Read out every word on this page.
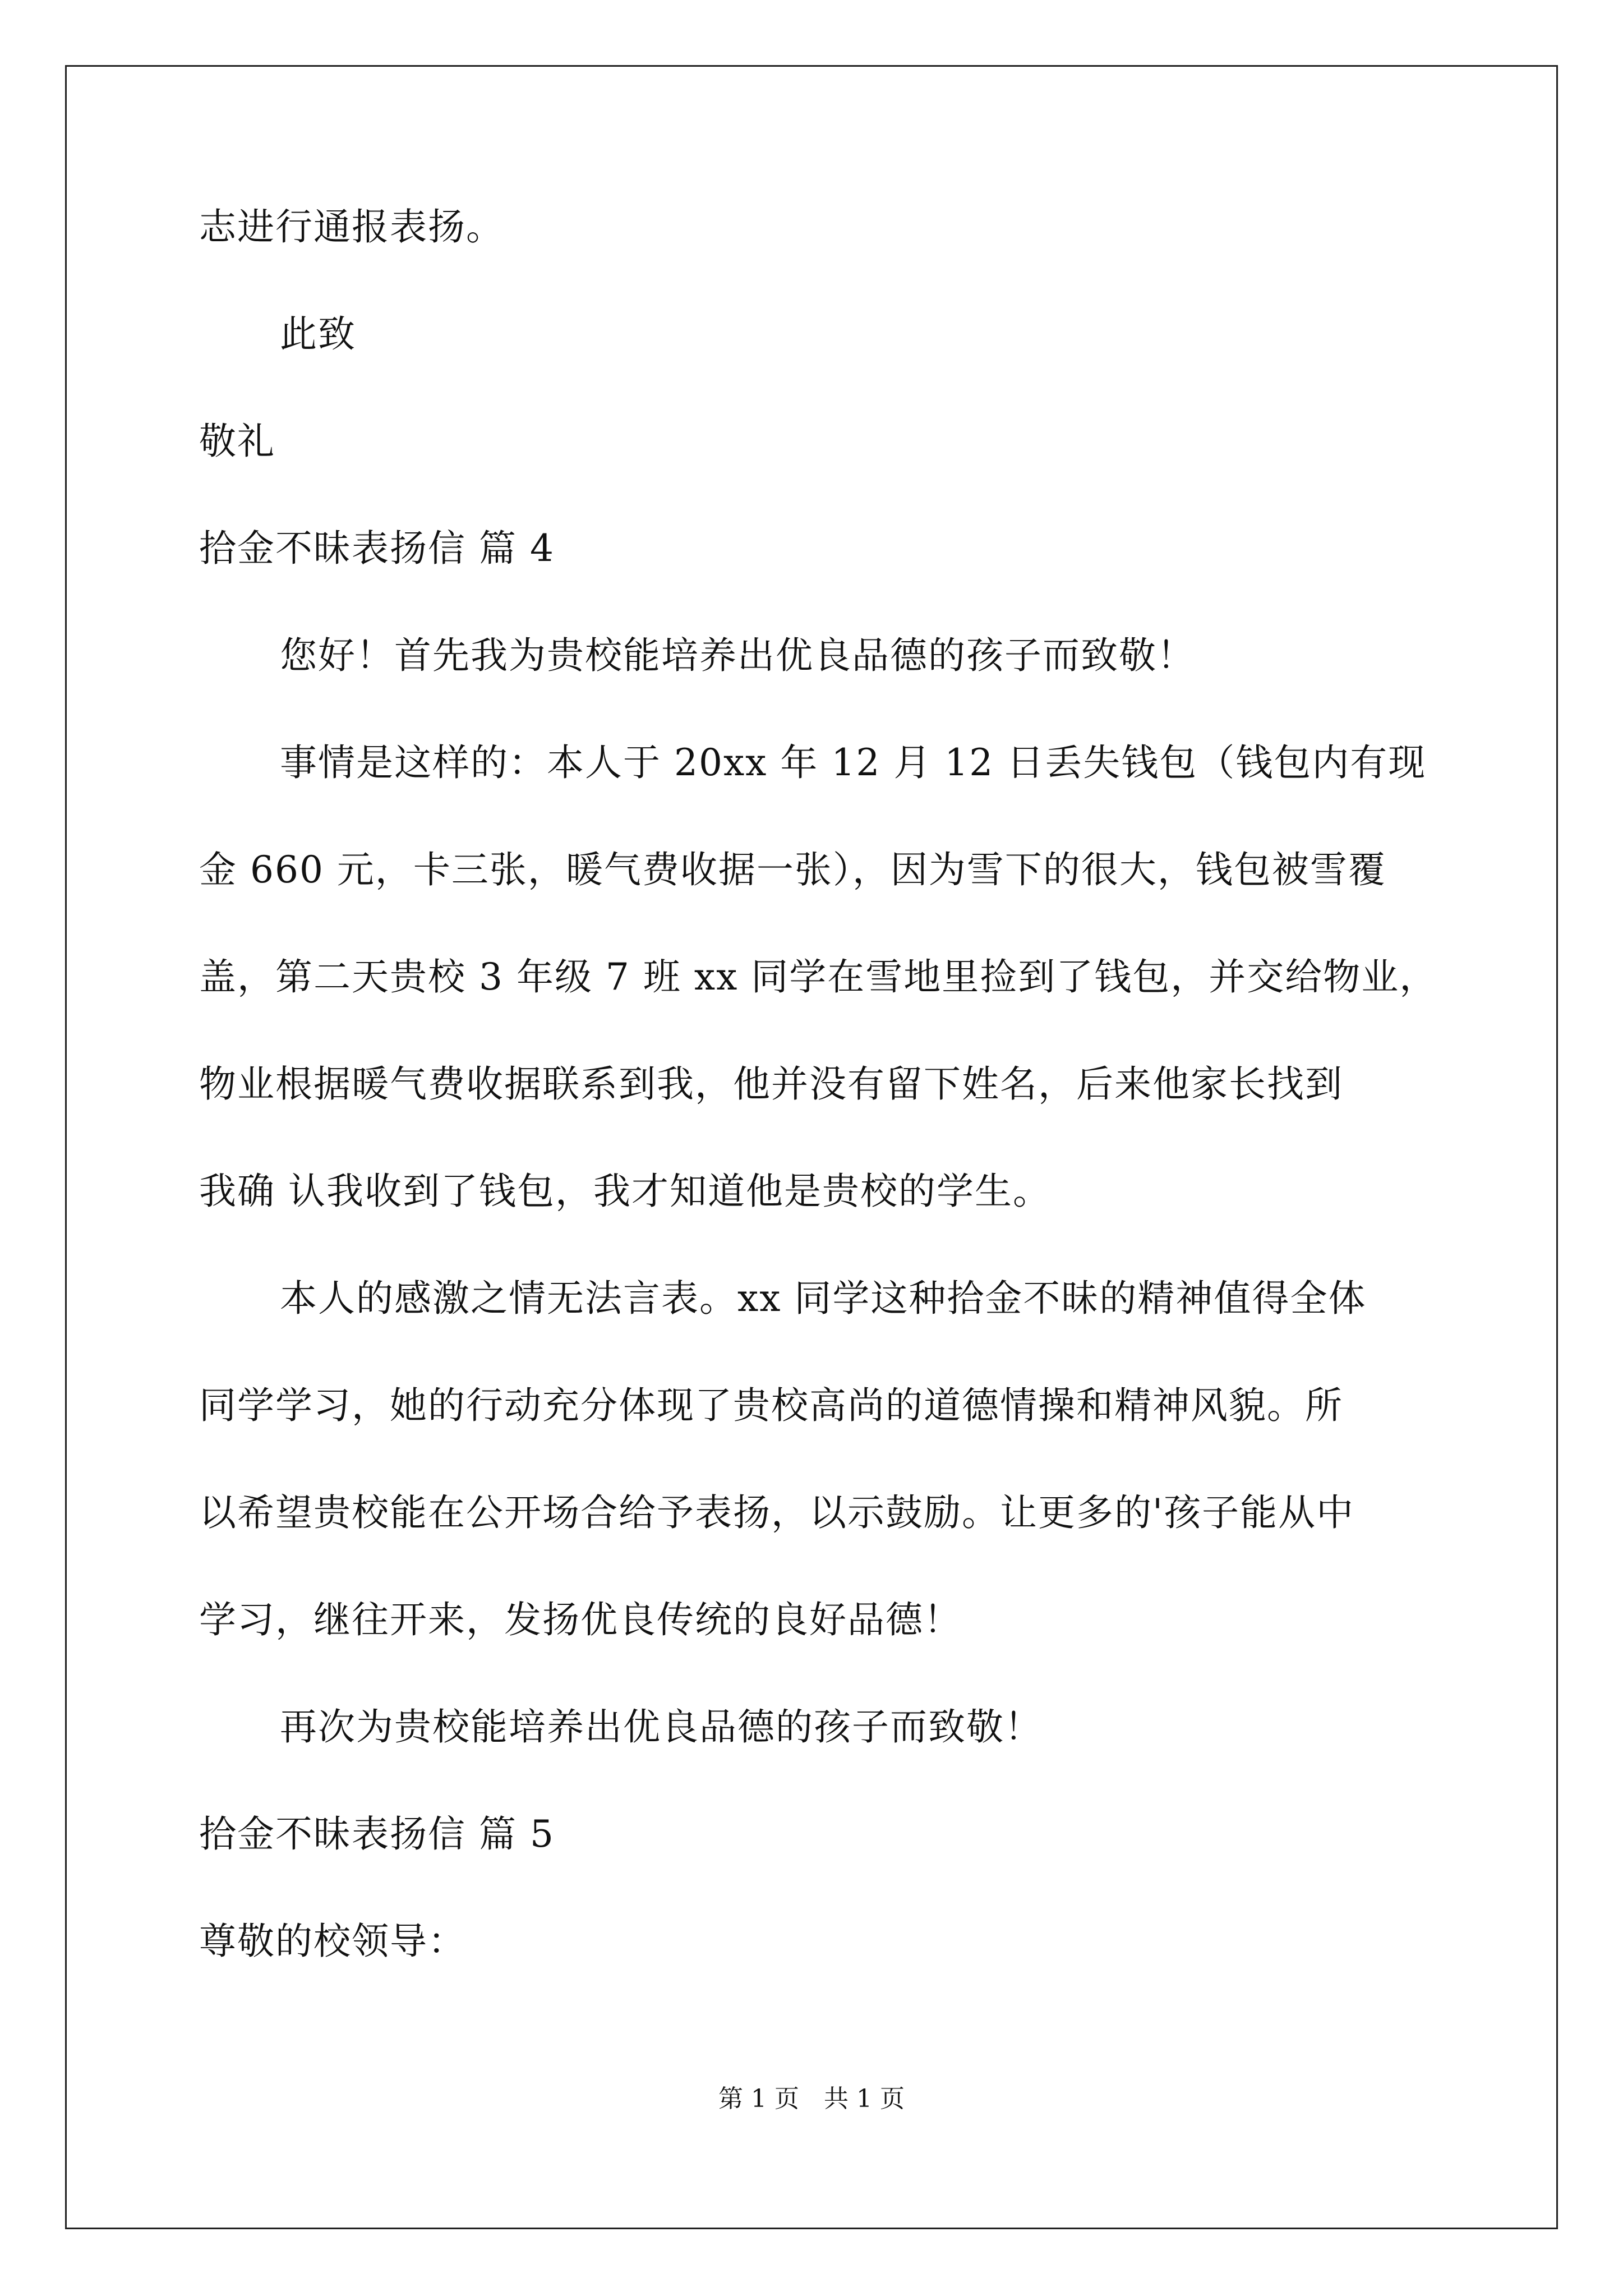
志进行通报表扬。
此致
敬礼
拾金不昧表扬信 篇 4
您好！首先我为贵校能培养出优良品德的孩子而致敬！
事情是这样的：本人于 20xx 年 12 月 12 日丢失钱包（钱包内有现
金 660 元，卡三张，暖气费收据一张），因为雪下的很大，钱包被雪覆
盖，第二天贵校 3 年级 7 班 xx 同学在雪地里捡到了钱包，并交给物业，
物业根据暖气费收据联系到我，他并没有留下姓名，后来他家长找到
我确 认我收到了钱包，我才知道他是贵校的学生。
本人的感激之情无法言表。xx 同学这种拾金不昧的精神值得全体
同学学习，她的行动充分体现了贵校高尚的道德情操和精神风貌。所
以希望贵校能在公开场合给予表扬，以示鼓励。让更多的'孩子能从中
学习，继往开来，发扬优良传统的良好品德！
再次为贵校能培养出优良品德的孩子而致敬！
拾金不昧表扬信 篇 5
尊敬的校领导：
第 1 页　共 1 页
